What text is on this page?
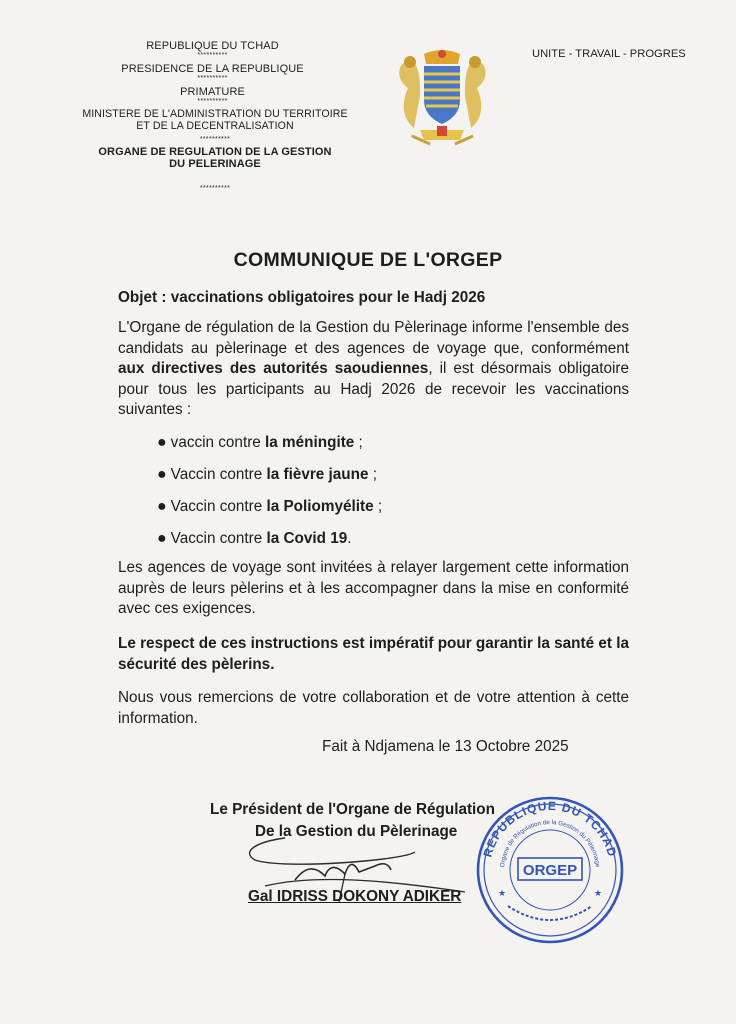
REPUBLIQUE DU TCHAD
**********
PRESIDENCE DE LA REPUBLIQUE
**********
PRIMATURE
**********
MINISTERE DE L'ADMINISTRATION DU TERRITOIRE
ET DE LA DECENTRALISATION
**********
ORGANE DE REGULATION DE LA GESTION
DU PELERINAGE
**********
UNITE - TRAVAIL - PROGRES
COMMUNIQUE DE L'ORGEP
Objet : vaccinations obligatoires pour le Hadj 2026
L'Organe de régulation de la Gestion du Pèlerinage informe l'ensemble des candidats au pèlerinage et des agences de voyage que, conformément aux directives des autorités saoudiennes, il est désormais obligatoire pour tous les participants au Hadj 2026 de recevoir les vaccinations suivantes :
● vaccin contre la méningite ;
● Vaccin contre la fièvre jaune ;
● Vaccin contre la Poliomyélite ;
● Vaccin contre la Covid 19.
Les agences de voyage sont invitées à relayer largement cette information auprès de leurs pèlerins et à les accompagner dans la mise en conformité avec ces exigences.
Le respect de ces instructions est impératif pour garantir la santé et la sécurité des pèlerins.
Nous vous remercions de votre collaboration et de votre attention à cette information.
Fait à Ndjamena le 13 Octobre 2025
Le Président de l'Organe de Régulation
De la Gestion du Pèlerinage
Gal IDRISS DOKONY ADIKER
REPUBLIQUE DU TCHAD
Organe de Régulation de la Gestion du Pèlerinage
ORGEP
★	★
